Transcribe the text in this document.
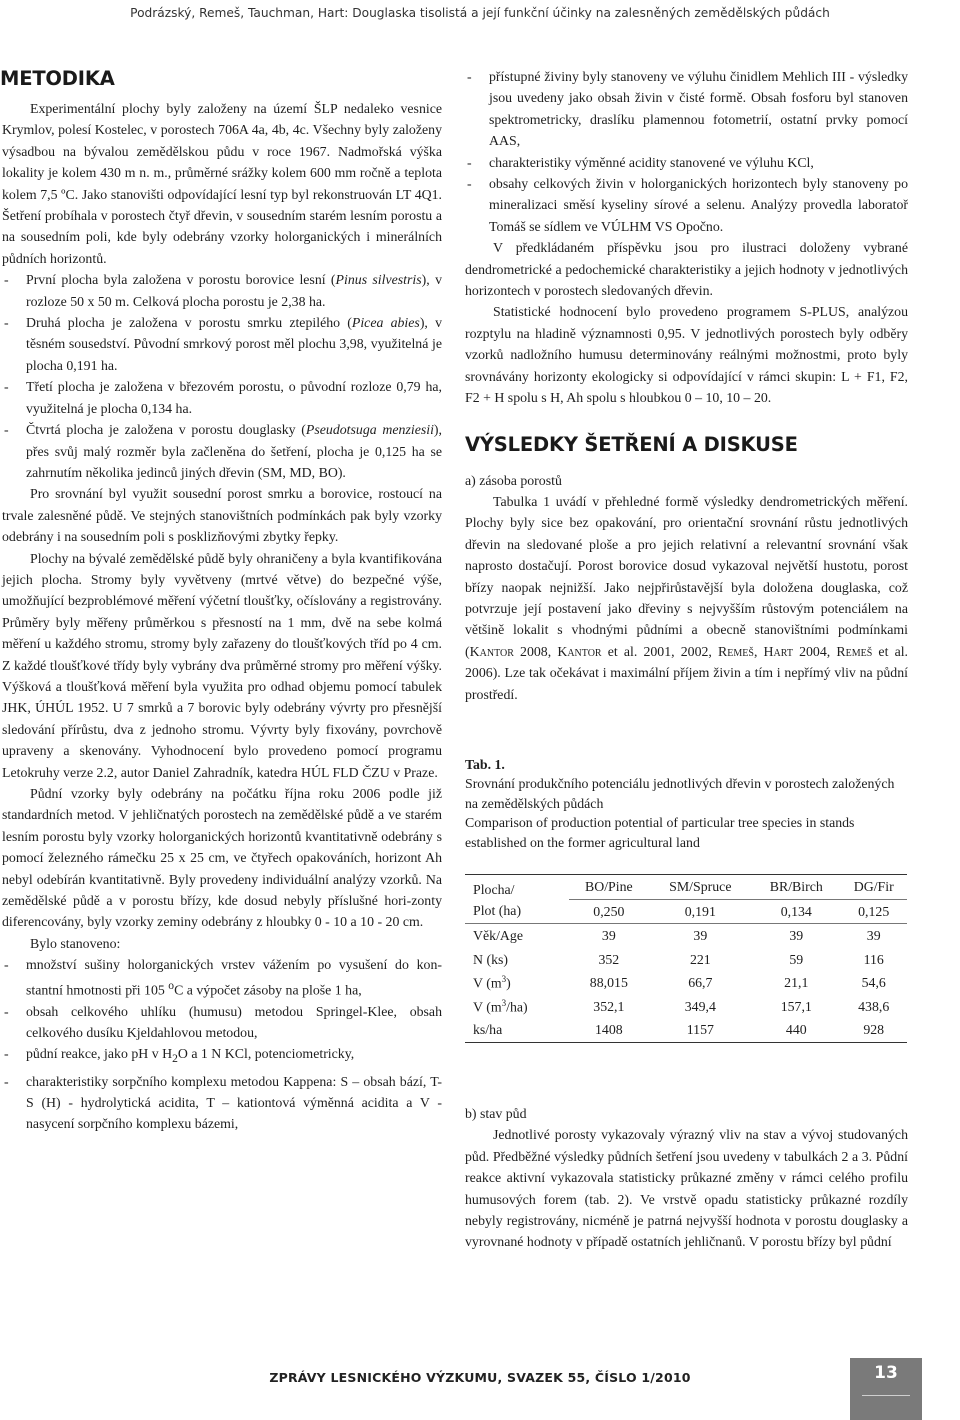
Podrázský, Remeš, Tauchman, Hart: Douglaska tisolistá a její funkční účinky na zalesněných zemědělských půdách
METODIKA

Experimentální plochy byly založeny na území ŠLP nedaleko vesnice Krymlov, polesí Kostelec, v porostech 706A 4a, 4b, 4c. Všechny byly založeny výsadbou na bývalou zemědělskou půdu v roce 1967. Nadmořská výška lokality je kolem 430 m n. m., průměrné srážky kolem 600 mm ročně a teplota kolem 7,5 ºC. Jako stanovišti odpovídající lesní typ byl rekonstruován LT 4Q1. Šetření probíhala v porostech čtyř dřevin, v sousedním starém lesním porostu a na sousedním poli, kde byly odebrány vzorky holorganických i minerálních půdních horizontů.

- První plocha byla založena v porostu borovice lesní (Pinus silvestris), v rozloze 50 x 50 m. Celková plocha porostu je 2,38 ha.

- Druhá plocha je založena v porostu smrku ztepilého (Picea abies), v těsném sousedství. Původní smrkový porost měl plochu 3,98, využitelná je plocha 0,191 ha.

- Třetí plocha je založena v březovém porostu, o původní rozloze 0,79 ha, využitelná je plocha 0,134 ha.

- Čtvrtá plocha je založena v porostu douglasky (Pseudotsuga menziesii), přes svůj malý rozměr byla začleněna do šetření, plocha je 0,125 ha se zahrnutím několika jedinců jiných dřevin (SM, MD, BO).

Pro srovnání byl využit sousední porost smrku a borovice, rostoucí na trvale zalesněné půdě. Ve stejných stanovištních podmínkách pak byly vzorky odebrány i na sousedním poli s posklizňovými zbytky řepky.

Plochy na bývalé zemědělské půdě byly ohraničeny a byla kvantifikována jejich plocha. Stromy byly vyvětveny (mrtvé větve) do bezpečné výše, umožňující bezproblémové měření výčetní tloušťky, očíslovány a registrovány. Průměry byly měřeny průměrkou s přesností na 1 mm, dvě na sebe kolmá měření u každého stromu, stromy byly zařazeny do tloušťkových tříd po 4 cm. Z každé tloušťkové třídy byly vybrány dva průměrné stromy pro měření výšky. Výšková a tloušťková měření byla využita pro odhad objemu pomocí tabulek JHK, ÚHÚL 1952. U 7 smrků a 7 borovic byly odebrány vývrty pro přesnější sledování přírůstu, dva z jednoho stromu. Vývrty byly fixovány, povrchově upraveny a skenovány. Vyhodnocení bylo provedeno pomocí programu Letokruhy verze 2.2, autor Daniel Zahradník, katedra HÚL FLD ČZU v Praze.

Půdní vzorky byly odebrány na počátku října roku 2006 podle již standardních metod. V jehličnatých porostech na zemědělské půdě a ve starém lesním porostu byly vzorky holorganických horizontů kvantitativně odebrány s pomocí železného rámečku 25 x 25 cm, ve čtyřech opakováních, horizont Ah nebyl odebírán kvantitativně. Byly provedeny individuální analýzy vzorků. Na zemědělské půdě a v porostu břízy, kde dosud nebyly příslušné hori-zonty diferencovány, byly vzorky zeminy odebrány z hloubky 0 - 10 a 10 - 20 cm.

Bylo stanoveno:

- množství sušiny holorganických vrstev vážením po vysušení do kon-stantní hmotnosti při 105 $^o$C a výpočet zásoby na ploše 1 ha,

- obsah celkového uhlíku (humusu) metodou Springel-Klee, obsah celkového dusíku Kjeldahlovou metodou,

- půdní reakce, jako pH v $H_2O$ a 1 N KCl, potenciometricky,

- charakteristiky sorpčního komplexu metodou Kappena: S – obsah bází, T-S (H) - hydrolytická acidita, T – kationtová výměnná acidita a V - nasycení sorpčního komplexu bázemi,

- přístupné živiny byly stanoveny ve výluhu činidlem Mehlich III - výsledky jsou uvedeny jako obsah živin v čisté formě. Obsah fosforu byl stanoven spektrometricky, draslíku plamennou fotometrií, ostatní prvky pomocí AAS,

- charakteristiky výměnné acidity stanovené ve výluhu KCl,

- obsahy celkových živin v holorganických horizontech byly stanoveny po mineralizaci směsí kyseliny sírové a selenu. Analýzy provedla laboratoř Tomáš se sídlem ve VÚLHM VS Opočno.

V předkládaném příspěvku jsou pro ilustraci doloženy vybrané dendrometrické a pedochemické charakteristiky a jejich hodnoty v jednotlivých horizontech v porostech sledovaných dřevin.

Statistické hodnocení bylo provedeno programem S-PLUS, analýzou rozptylu na hladině významnosti 0,95. V jednotlivých porostech byly odběry vzorků nadložního humusu determinovány reálnými možnostmi, proto byly srovnávány horizonty ekologicky si odpovídající v rámci skupin: L + F1, F2, F2 + H spolu s H, Ah spolu s hloubkou 0 – 10, 10 – 20.

VÝSLEDKY ŠETŘENÍ A DISKUSE

a) zásoba porostů

Tabulka 1 uvádí v přehledné formě výsledky dendrometrických měření. Plochy byly sice bez opakování, pro orientační srovnání růstu jednotlivých dřevin na sledované ploše a pro jejich relativní a relevantní srovnání však naprosto dostačují. Porost borovice dosud vykazoval největší hustotu, porost břízy naopak nejnižší. Jako nejpřirůstavější byla doložena douglaska, což potvrzuje její postavení jako dřeviny s nejvyšším růstovým potenciálem na většině lokalit s vhodnými půdními a obecně stanovištními podmínkami (Kantor 2008, Kantor et al. 2001, 2002, Remeš, Hart 2004, Remeš et al. 2006). Lze tak očekávat i maximální příjem živin a tím i nepřímý vliv na půdní prostředí.

Tab. 1.
Srovnání produkčního potenciálu jednotlivých dřevin v porostech založených na zemědělských půdách
Comparison of production potential of particular tree species in stands established on the former agricultural land
Plocha/
Plot (ha)	BO/Pine	SM/Spruce	BR/Birch	DG/Fir
	0,250	0,191	0,134	0,125
Věk/Age	39	39	39	39
N (ks)	352	221	59	116
V $(m^3)$	88,015	66,7	21,1	54,6
V $(m^3/ha)$	352,1	349,4	157,1	438,6
ks/ha	1408	1157	440	928

b) stav půd

Jednotlivé porosty vykazovaly výrazný vliv na stav a vývoj studovaných půd. Předběžné výsledky půdních šetření jsou uvedeny v tabulkách 2 a 3. Půdní reakce aktivní vykazovala statisticky průkazné změny v rámci celého profilu humusových forem (tab. 2). Ve vrstvě opadu statisticky průkazné rozdíly nebyly registrovány, nicméně je patrná nejvyšší hodnota v porostu douglasky a vyrovnané hodnoty v případě ostatních jehličnanů. V porostu břízy byl půdní

ZPRÁVY LESNICKÉHO VÝZKUMU, SVAZEK 55, ČÍSLO 1/2010	13
